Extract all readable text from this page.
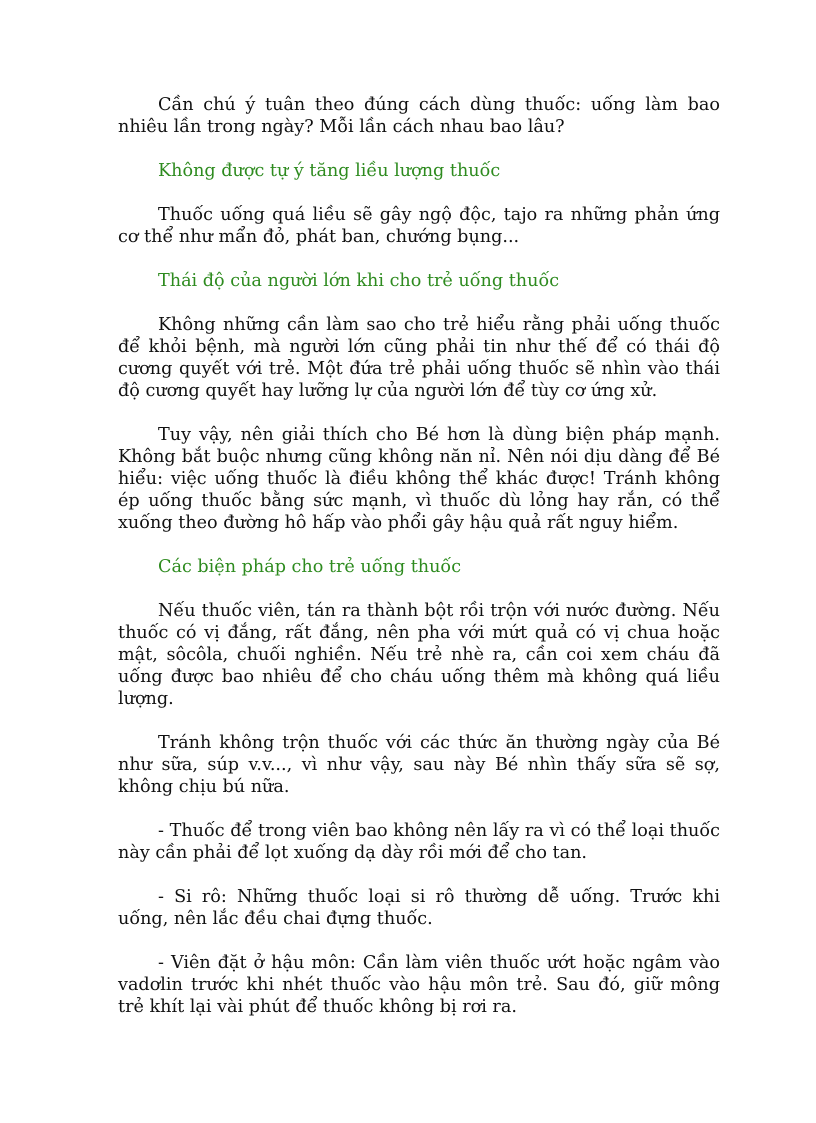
Cần chú ý tuân theo đúng cách dùng thuốc: uống làm bao nhiêu lần trong ngày? Mỗi lần cách nhau bao lâu?

Không được tự ý tăng liều lượng thuốc

Thuốc uống quá liều sẽ gây ngộ độc, tajo ra những phản ứng cơ thể như mẩn đỏ, phát ban, chướng bụng...

Thái độ của người lớn khi cho trẻ uống thuốc

Không những cần làm sao cho trẻ hiểu rằng phải uống thuốc để khỏi bệnh, mà người lớn cũng phải tin như thế để có thái độ cương quyết với trẻ. Một đứa trẻ phải uống thuốc sẽ nhìn vào thái độ cương quyết hay lưỡng lự của người lớn để tùy cơ ứng xử.

Tuy vậy, nên giải thích cho Bé hơn là dùng biện pháp mạnh. Không bắt buộc nhưng cũng không năn nỉ. Nên nói dịu dàng để Bé hiểu: việc uống thuốc là điều không thể khác được! Tránh không ép uống thuốc bằng sức mạnh, vì thuốc dù lỏng hay rắn, có thể xuống theo đường hô hấp vào phổi gây hậu quả rất nguy hiểm.

Các biện pháp cho trẻ uống thuốc

Nếu thuốc viên, tán ra thành bột rồi trộn với nước đường. Nếu thuốc có vị đắng, rất đắng, nên pha với mứt quả có vị chua hoặc mật, sôcôla, chuối nghiền. Nếu trẻ nhè ra, cần coi xem cháu đã uống được bao nhiêu để cho cháu uống thêm mà không quá liều lượng.

Tránh không trộn thuốc với các thức ăn thường ngày của Bé như sữa, súp v.v..., vì như vậy, sau này Bé nhìn thấy sữa sẽ sợ, không chịu bú nữa.

- Thuốc để trong viên bao không nên lấy ra vì có thể loại thuốc này cần phải để lọt xuống dạ dày rồi mới để cho tan.

- Si rô: Những thuốc loại si rô thường dễ uống. Trước khi uống, nên lắc đều chai đựng thuốc.

- Viên đặt ở hậu môn: Cần làm viên thuốc ướt hoặc ngâm vào vadơlin trước khi nhét thuốc vào hậu môn trẻ. Sau đó, giữ mông trẻ khít lại vài phút để thuốc không bị rơi ra.
